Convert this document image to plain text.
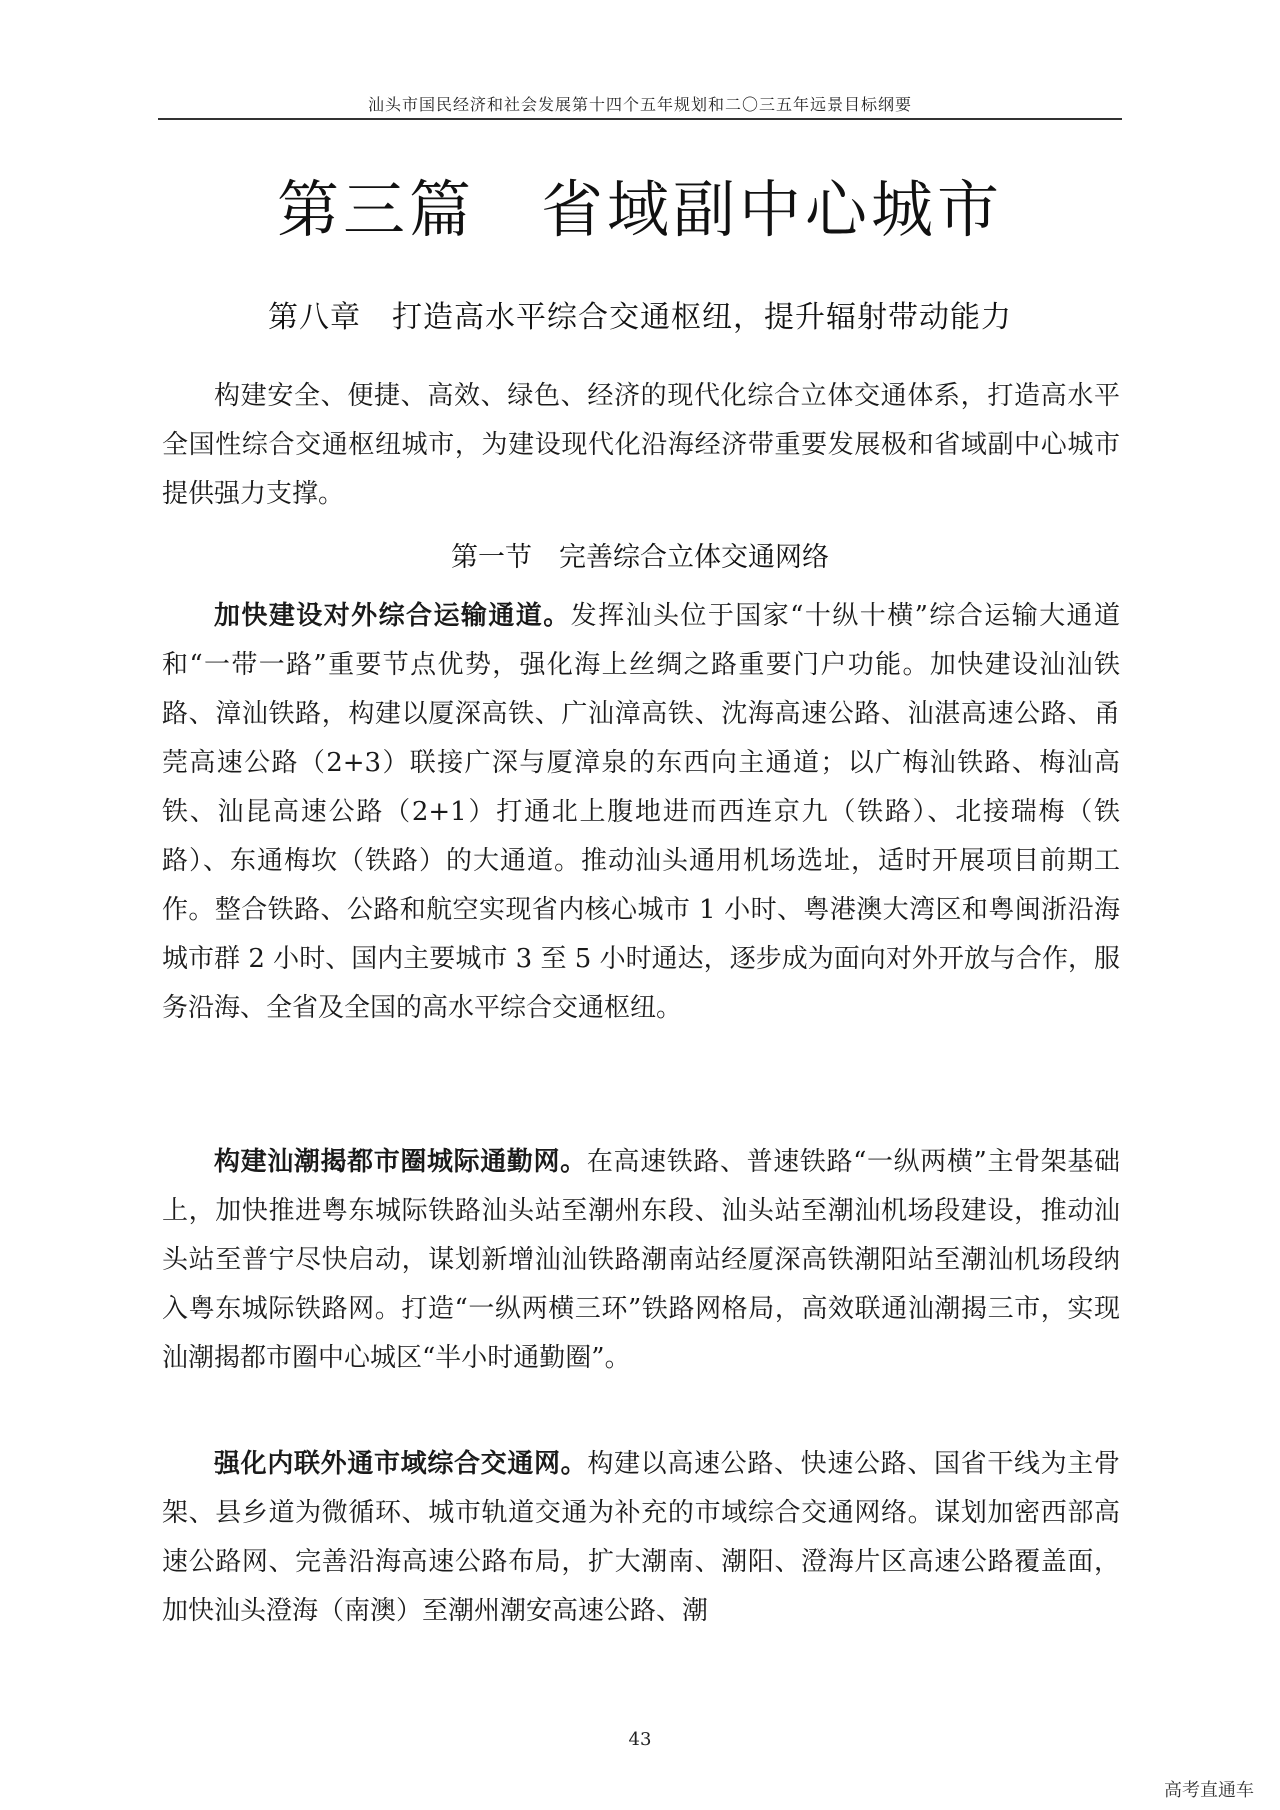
汕头市国民经济和社会发展第十四个五年规划和二〇三五年远景目标纲要
第三篇　省域副中心城市
第八章　打造高水平综合交通枢纽，提升辐射带动能力

构建安全、便捷、高效、绿色、经济的现代化综合立体交通体系，打造高水平全国性综合交通枢纽城市，为建设现代化沿海经济带重要发展极和省域副中心城市提供强力支撑。

第一节　完善综合立体交通网络

加快建设对外综合运输通道。发挥汕头位于国家“十纵十横”综合运输大通道和“一带一路”重要节点优势，强化海上丝绸之路重要门户功能。加快建设汕汕铁路、漳汕铁路，构建以厦深高铁、广汕漳高铁、沈海高速公路、汕湛高速公路、甬莞高速公路（2+3）联接广深与厦漳泉的东西向主通道；以广梅汕铁路、梅汕高铁、汕昆高速公路（2+1）打通北上腹地进而西连京九（铁路）、北接瑞梅（铁路）、东通梅坎（铁路）的大通道。推动汕头通用机场选址，适时开展项目前期工作。整合铁路、公路和航空实现省内核心城市 1 小时、粤港澳大湾区和粤闽浙沿海城市群 2 小时、国内主要城市 3 至 5 小时通达，逐步成为面向对外开放与合作，服务沿海、全省及全国的高水平综合交通枢纽。

构建汕潮揭都市圈城际通勤网。在高速铁路、普速铁路“一纵两横”主骨架基础上，加快推进粤东城际铁路汕头站至潮州东段、汕头站至潮汕机场段建设，推动汕头站至普宁尽快启动，谋划新增汕汕铁路潮南站经厦深高铁潮阳站至潮汕机场段纳入粤东城际铁路网。打造“一纵两横三环”铁路网格局，高效联通汕潮揭三市，实现汕潮揭都市圈中心城区“半小时通勤圈”。

强化内联外通市域综合交通网。构建以高速公路、快速公路、国省干线为主骨架、县乡道为微循环、城市轨道交通为补充的市域综合交通网络。谋划加密西部高速公路网、完善沿海高速公路布局，扩大潮南、潮阳、澄海片区高速公路覆盖面，加快汕头澄海（南澳）至潮州潮安高速公路、潮

43
高考直通车
